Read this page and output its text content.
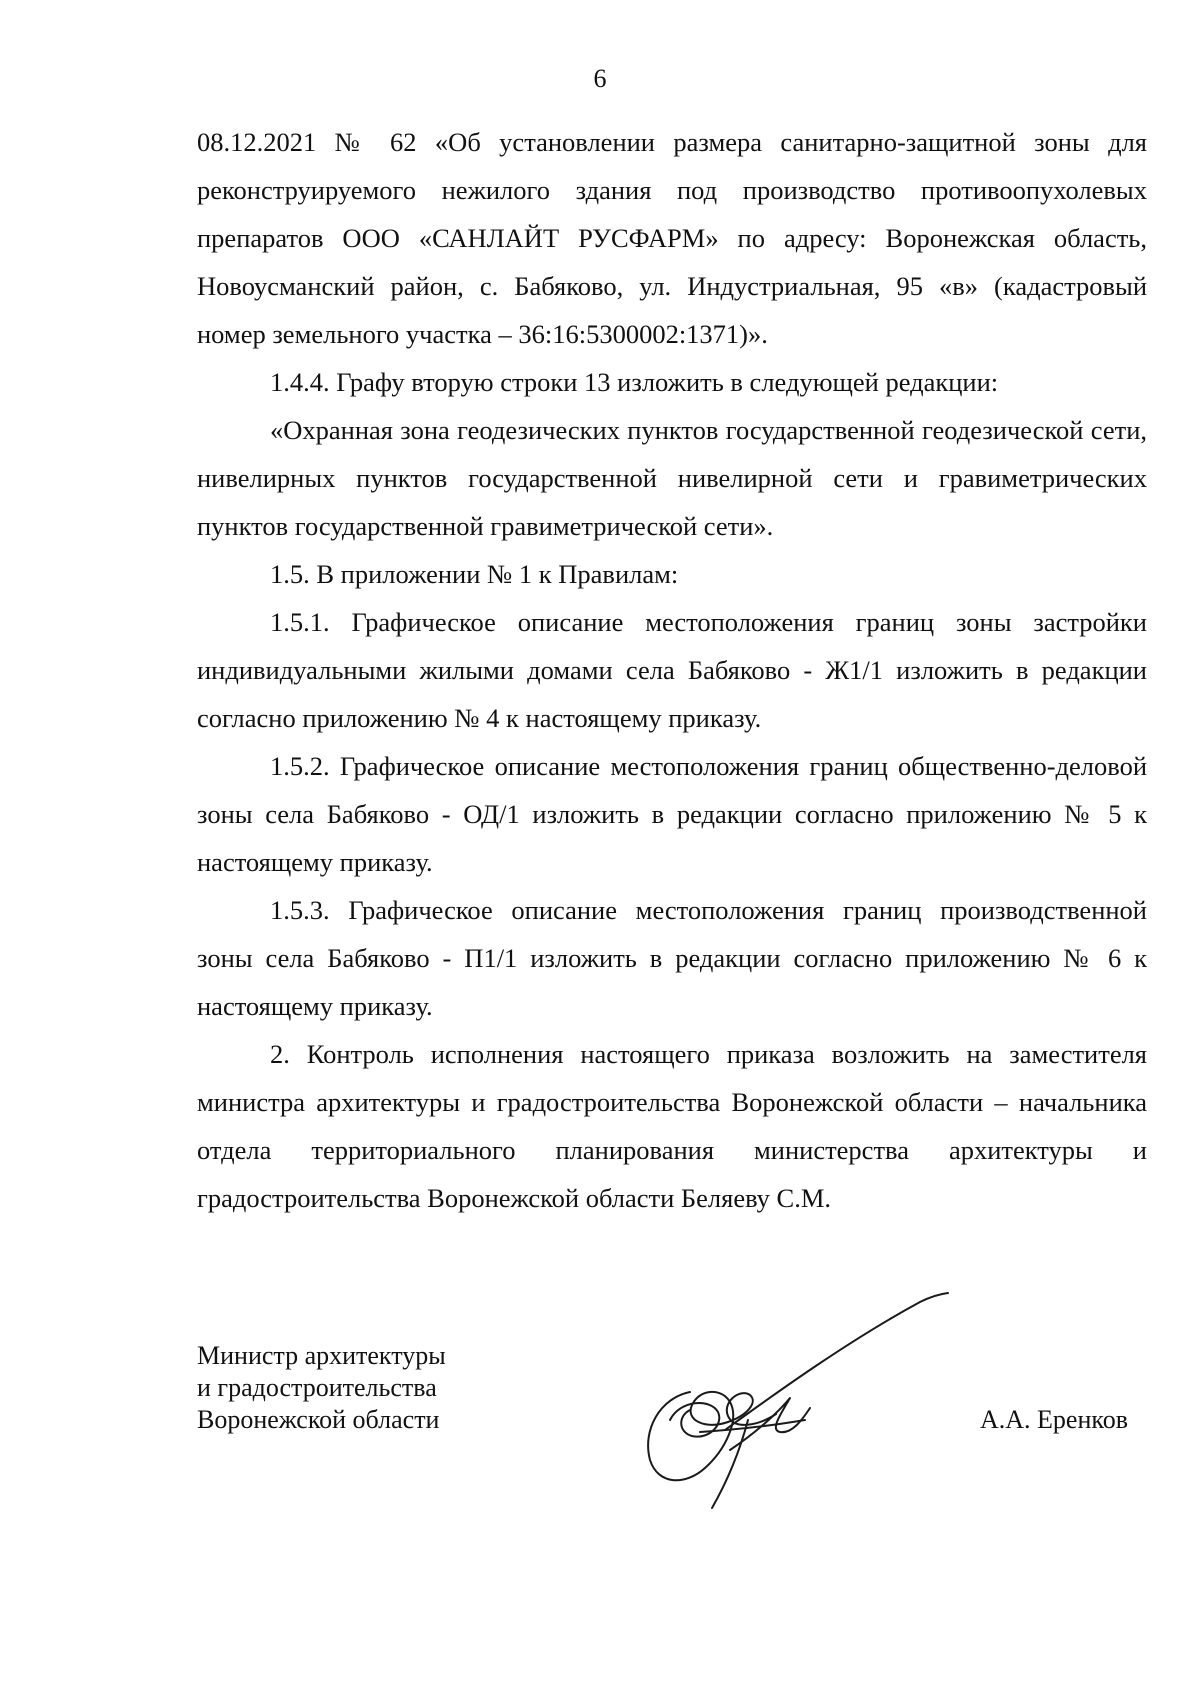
6

08.12.2021 № 62 «Об установлении размера санитарно-защитной зоны для реконструируемого нежилого здания под производство противоопухолевых препаратов ООО «САНЛАЙТ РУСФАРМ» по адресу: Воронежская область, Новоусманский район, с. Бабяково, ул. Индустриальная, 95 «в» (кадастровый номер земельного участка – 36:16:5300002:1371)».

1.4.4. Графу вторую строки 13 изложить в следующей редакции:

«Охранная зона геодезических пунктов государственной геодезической сети, нивелирных пунктов государственной нивелирной сети и гравиметрических пунктов государственной гравиметрической сети».

1.5. В приложении № 1 к Правилам:

1.5.1. Графическое описание местоположения границ зоны застройки индивидуальными жилыми домами села Бабяково - Ж1/1 изложить в редакции согласно приложению № 4 к настоящему приказу.

1.5.2. Графическое описание местоположения границ общественно-деловой зоны села Бабяково - ОД/1 изложить в редакции согласно приложению № 5 к настоящему приказу.

1.5.3. Графическое описание местоположения границ производственной зоны села Бабяково - П1/1 изложить в редакции согласно приложению № 6 к настоящему приказу.

2. Контроль исполнения настоящего приказа возложить на заместителя министра архитектуры и градостроительства Воронежской области – начальника отдела территориального планирования министерства архитектуры и градостроительства Воронежской области Беляеву С.М.

Министр архитектуры
и градостроительства
Воронежской области	А.А. Еренков
